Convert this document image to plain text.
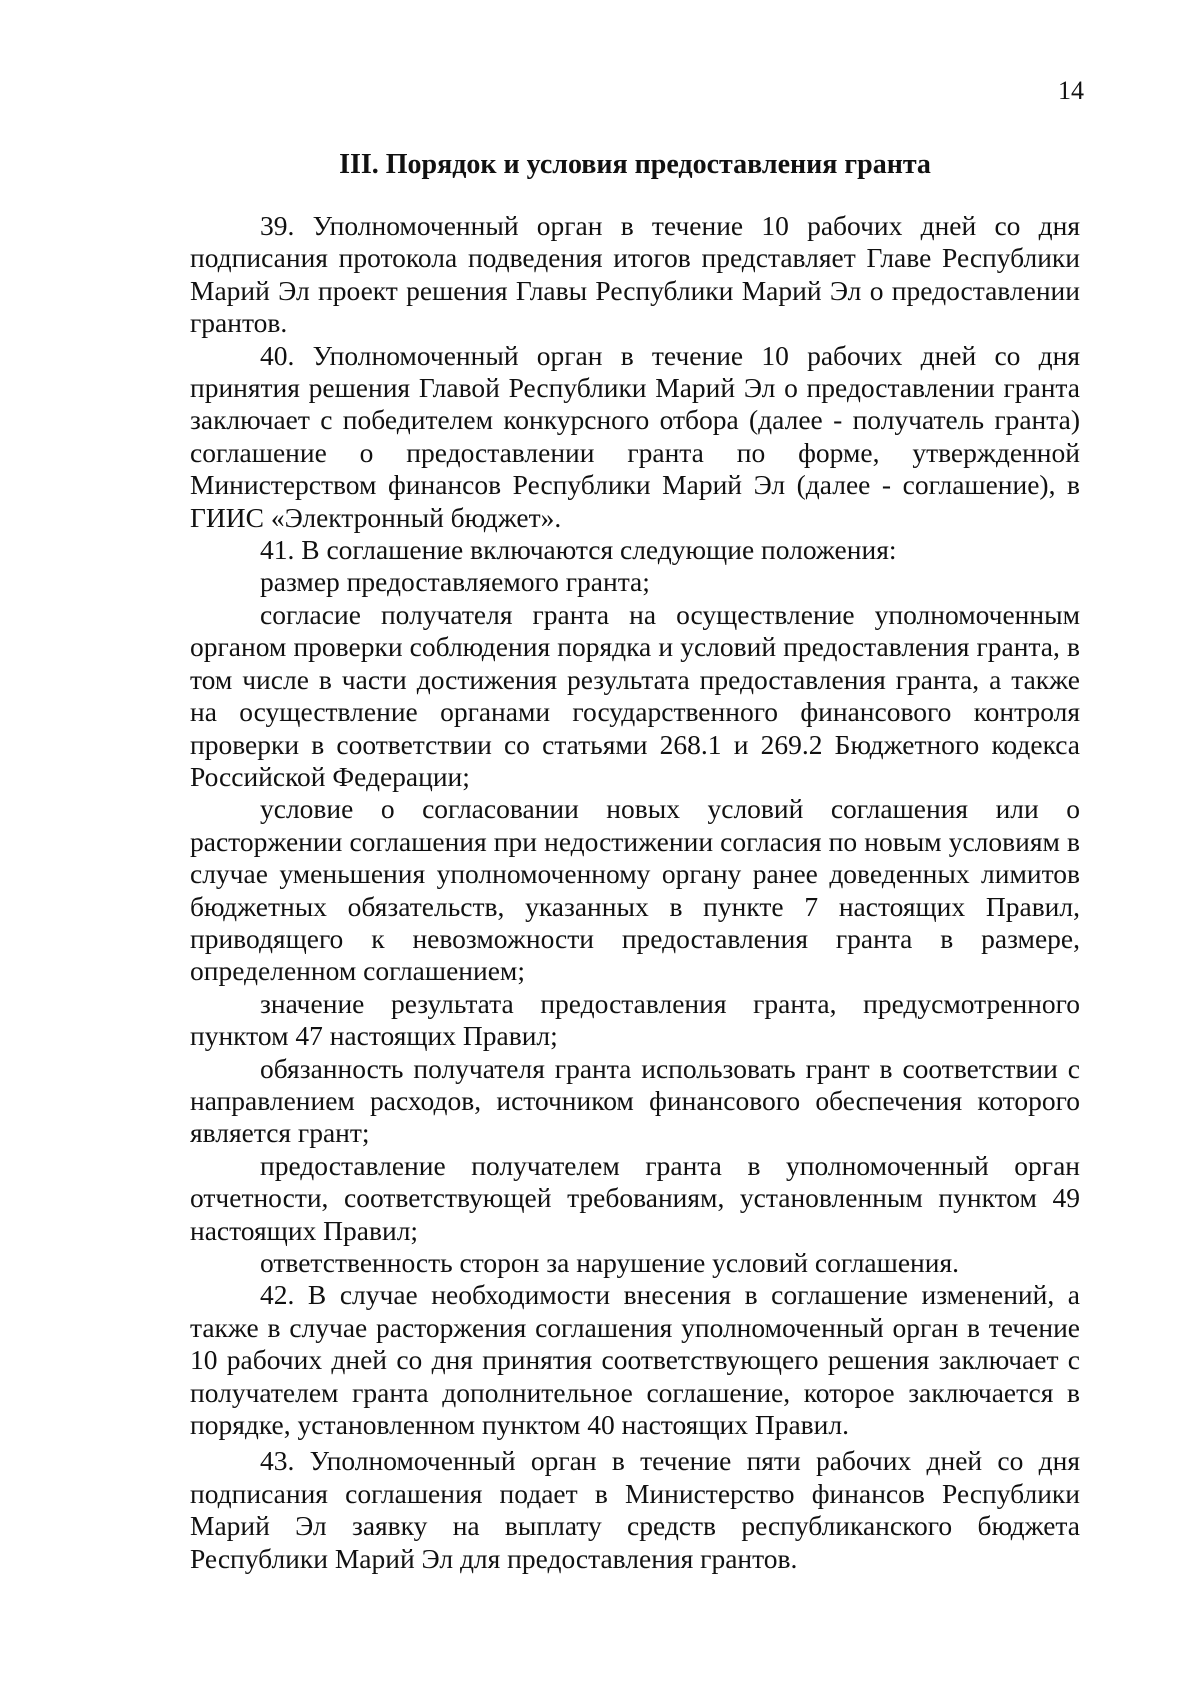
14
III. Порядок и условия предоставления гранта

39. Уполномоченный орган в течение 10 рабочих дней со дня подписания протокола подведения итогов представляет Главе Республики Марий Эл проект решения Главы Республики Марий Эл о предоставлении грантов.

40. Уполномоченный орган в течение 10 рабочих дней со дня принятия решения Главой Республики Марий Эл о предоставлении гранта заключает с победителем конкурсного отбора (далее - получатель гранта) соглашение о предоставлении гранта по форме, утвержденной Министерством финансов Республики Марий Эл (далее - соглашение), в ГИИС «Электронный бюджет».

41. В соглашение включаются следующие положения:

размер предоставляемого гранта;

согласие получателя гранта на осуществление уполномоченным органом проверки соблюдения порядка и условий предоставления гранта, в том числе в части достижения результата предоставления гранта, а также на осуществление органами государственного финансового контроля проверки в соответствии со статьями 268.1 и 269.2 Бюджетного кодекса Российской Федерации;

условие о согласовании новых условий соглашения или о расторжении соглашения при недостижении согласия по новым условиям в случае уменьшения уполномоченному органу ранее доведенных лимитов бюджетных обязательств, указанных в пункте 7 настоящих Правил, приводящего к невозможности предоставления гранта в размере, определенном соглашением;

значение результата предоставления гранта, предусмотренного пунктом 47 настоящих Правил;

обязанность получателя гранта использовать грант в соответствии с направлением расходов, источником финансового обеспечения которого является грант;

предоставление получателем гранта в уполномоченный орган отчетности, соответствующей требованиям, установленным пунктом 49 настоящих Правил;

ответственность сторон за нарушение условий соглашения.

42. В случае необходимости внесения в соглашение изменений, а также в случае расторжения соглашения уполномоченный орган в течение 10 рабочих дней со дня принятия соответствующего решения заключает с получателем гранта дополнительное соглашение, которое заключается в порядке, установленном пунктом 40 настоящих Правил.

43. Уполномоченный орган в течение пяти рабочих дней со дня подписания соглашения подает в Министерство финансов Республики Марий Эл заявку на выплату средств республиканского бюджета Республики Марий Эл для предоставления грантов.
